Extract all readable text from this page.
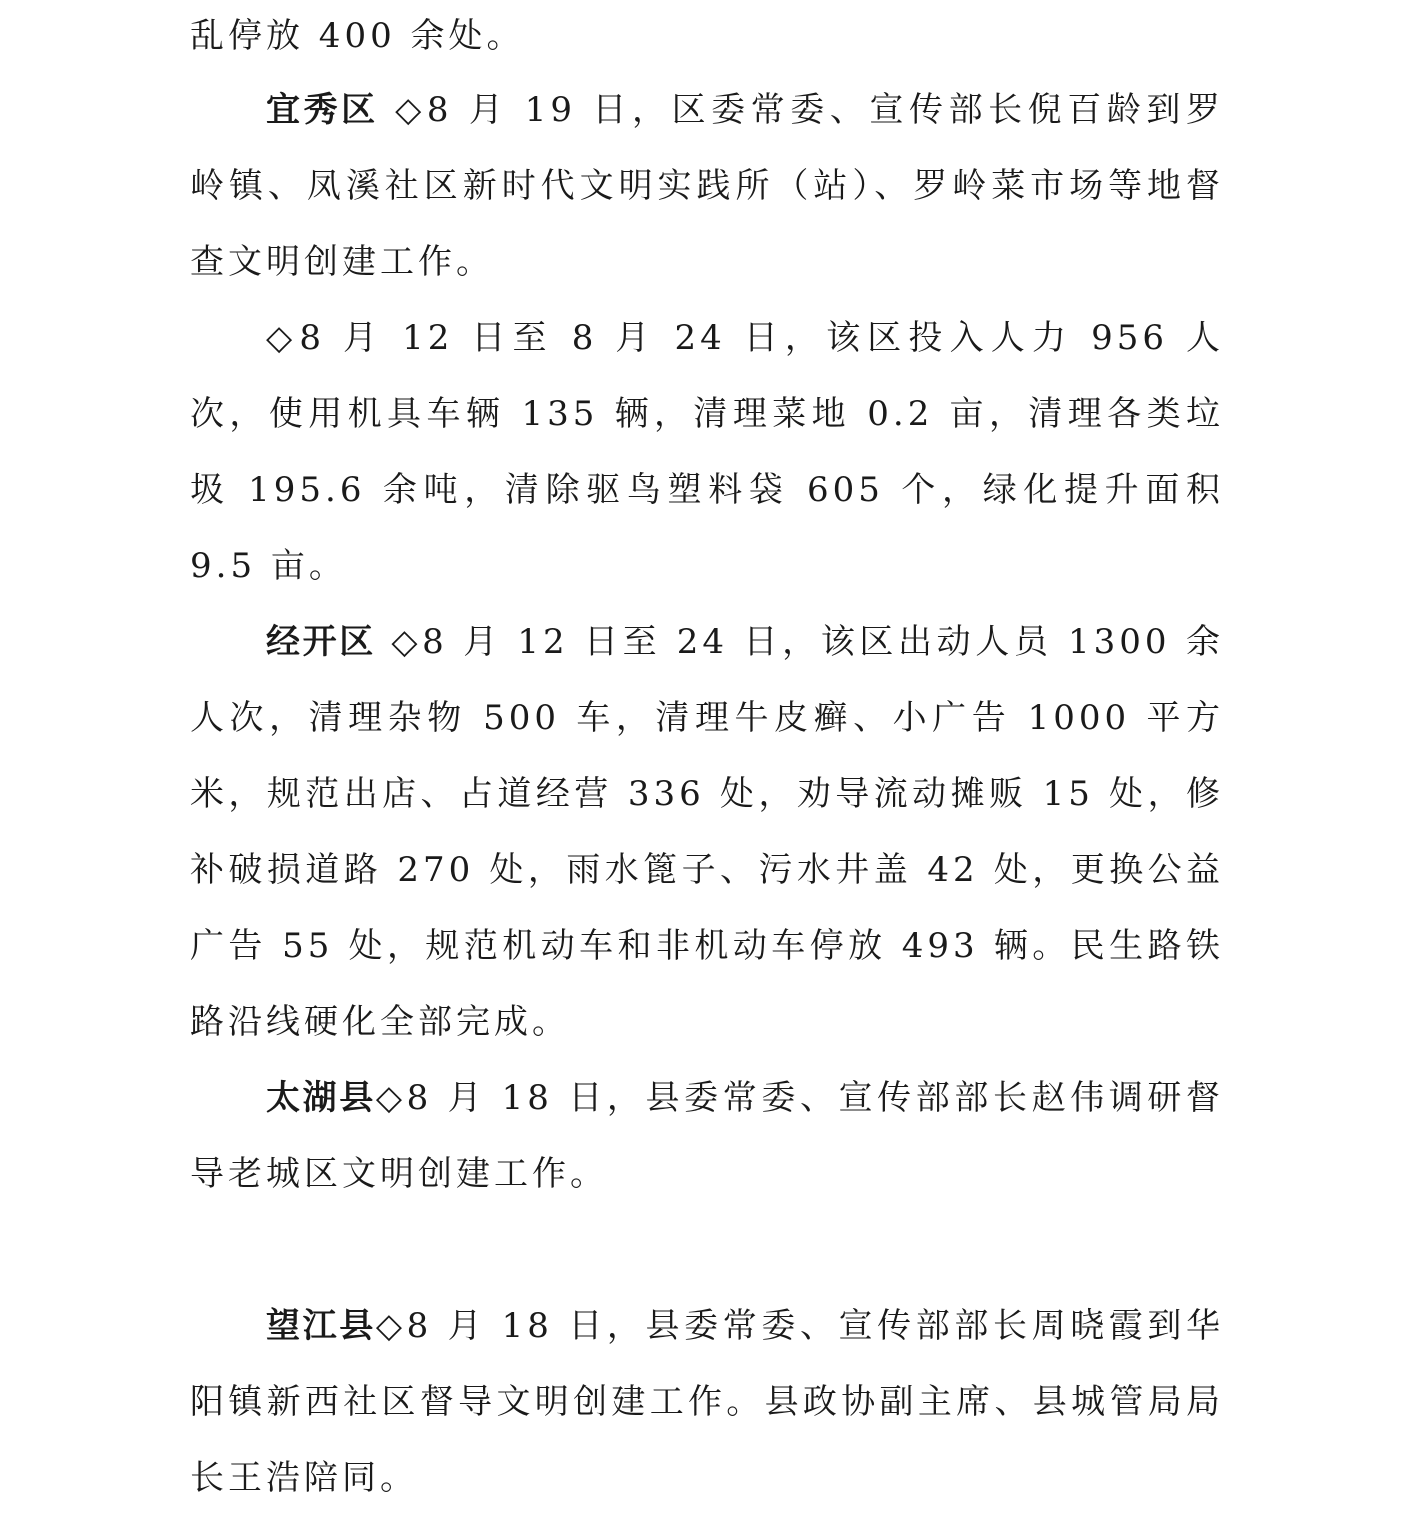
乱停放 400 余处。

宜秀区 ◇8 月 19 日，区委常委、宣传部长倪百龄到罗岭镇、凤溪社区新时代文明实践所（站）、罗岭菜市场等地督查文明创建工作。

◇8 月 12 日至 8 月 24 日，该区投入人力 956 人次，使用机具车辆 135 辆，清理菜地 0.2 亩，清理各类垃圾 195.6 余吨，清除驱鸟塑料袋 605 个，绿化提升面积 9.5 亩。

经开区 ◇8 月 12 日至 24 日，该区出动人员 1300 余人次，清理杂物 500 车，清理牛皮癣、小广告 1000 平方米，规范出店、占道经营 336 处，劝导流动摊贩 15 处，修补破损道路 270 处，雨水篦子、污水井盖 42 处，更换公益广告 55 处，规范机动车和非机动车停放 493 辆。民生路铁路沿线硬化全部完成。

太湖县◇8 月 18 日，县委常委、宣传部部长赵伟调研督导老城区文明创建工作。

望江县◇8 月 18 日，县委常委、宣传部部长周晓霞到华阳镇新西社区督导文明创建工作。县政协副主席、县城管局局长王浩陪同。
